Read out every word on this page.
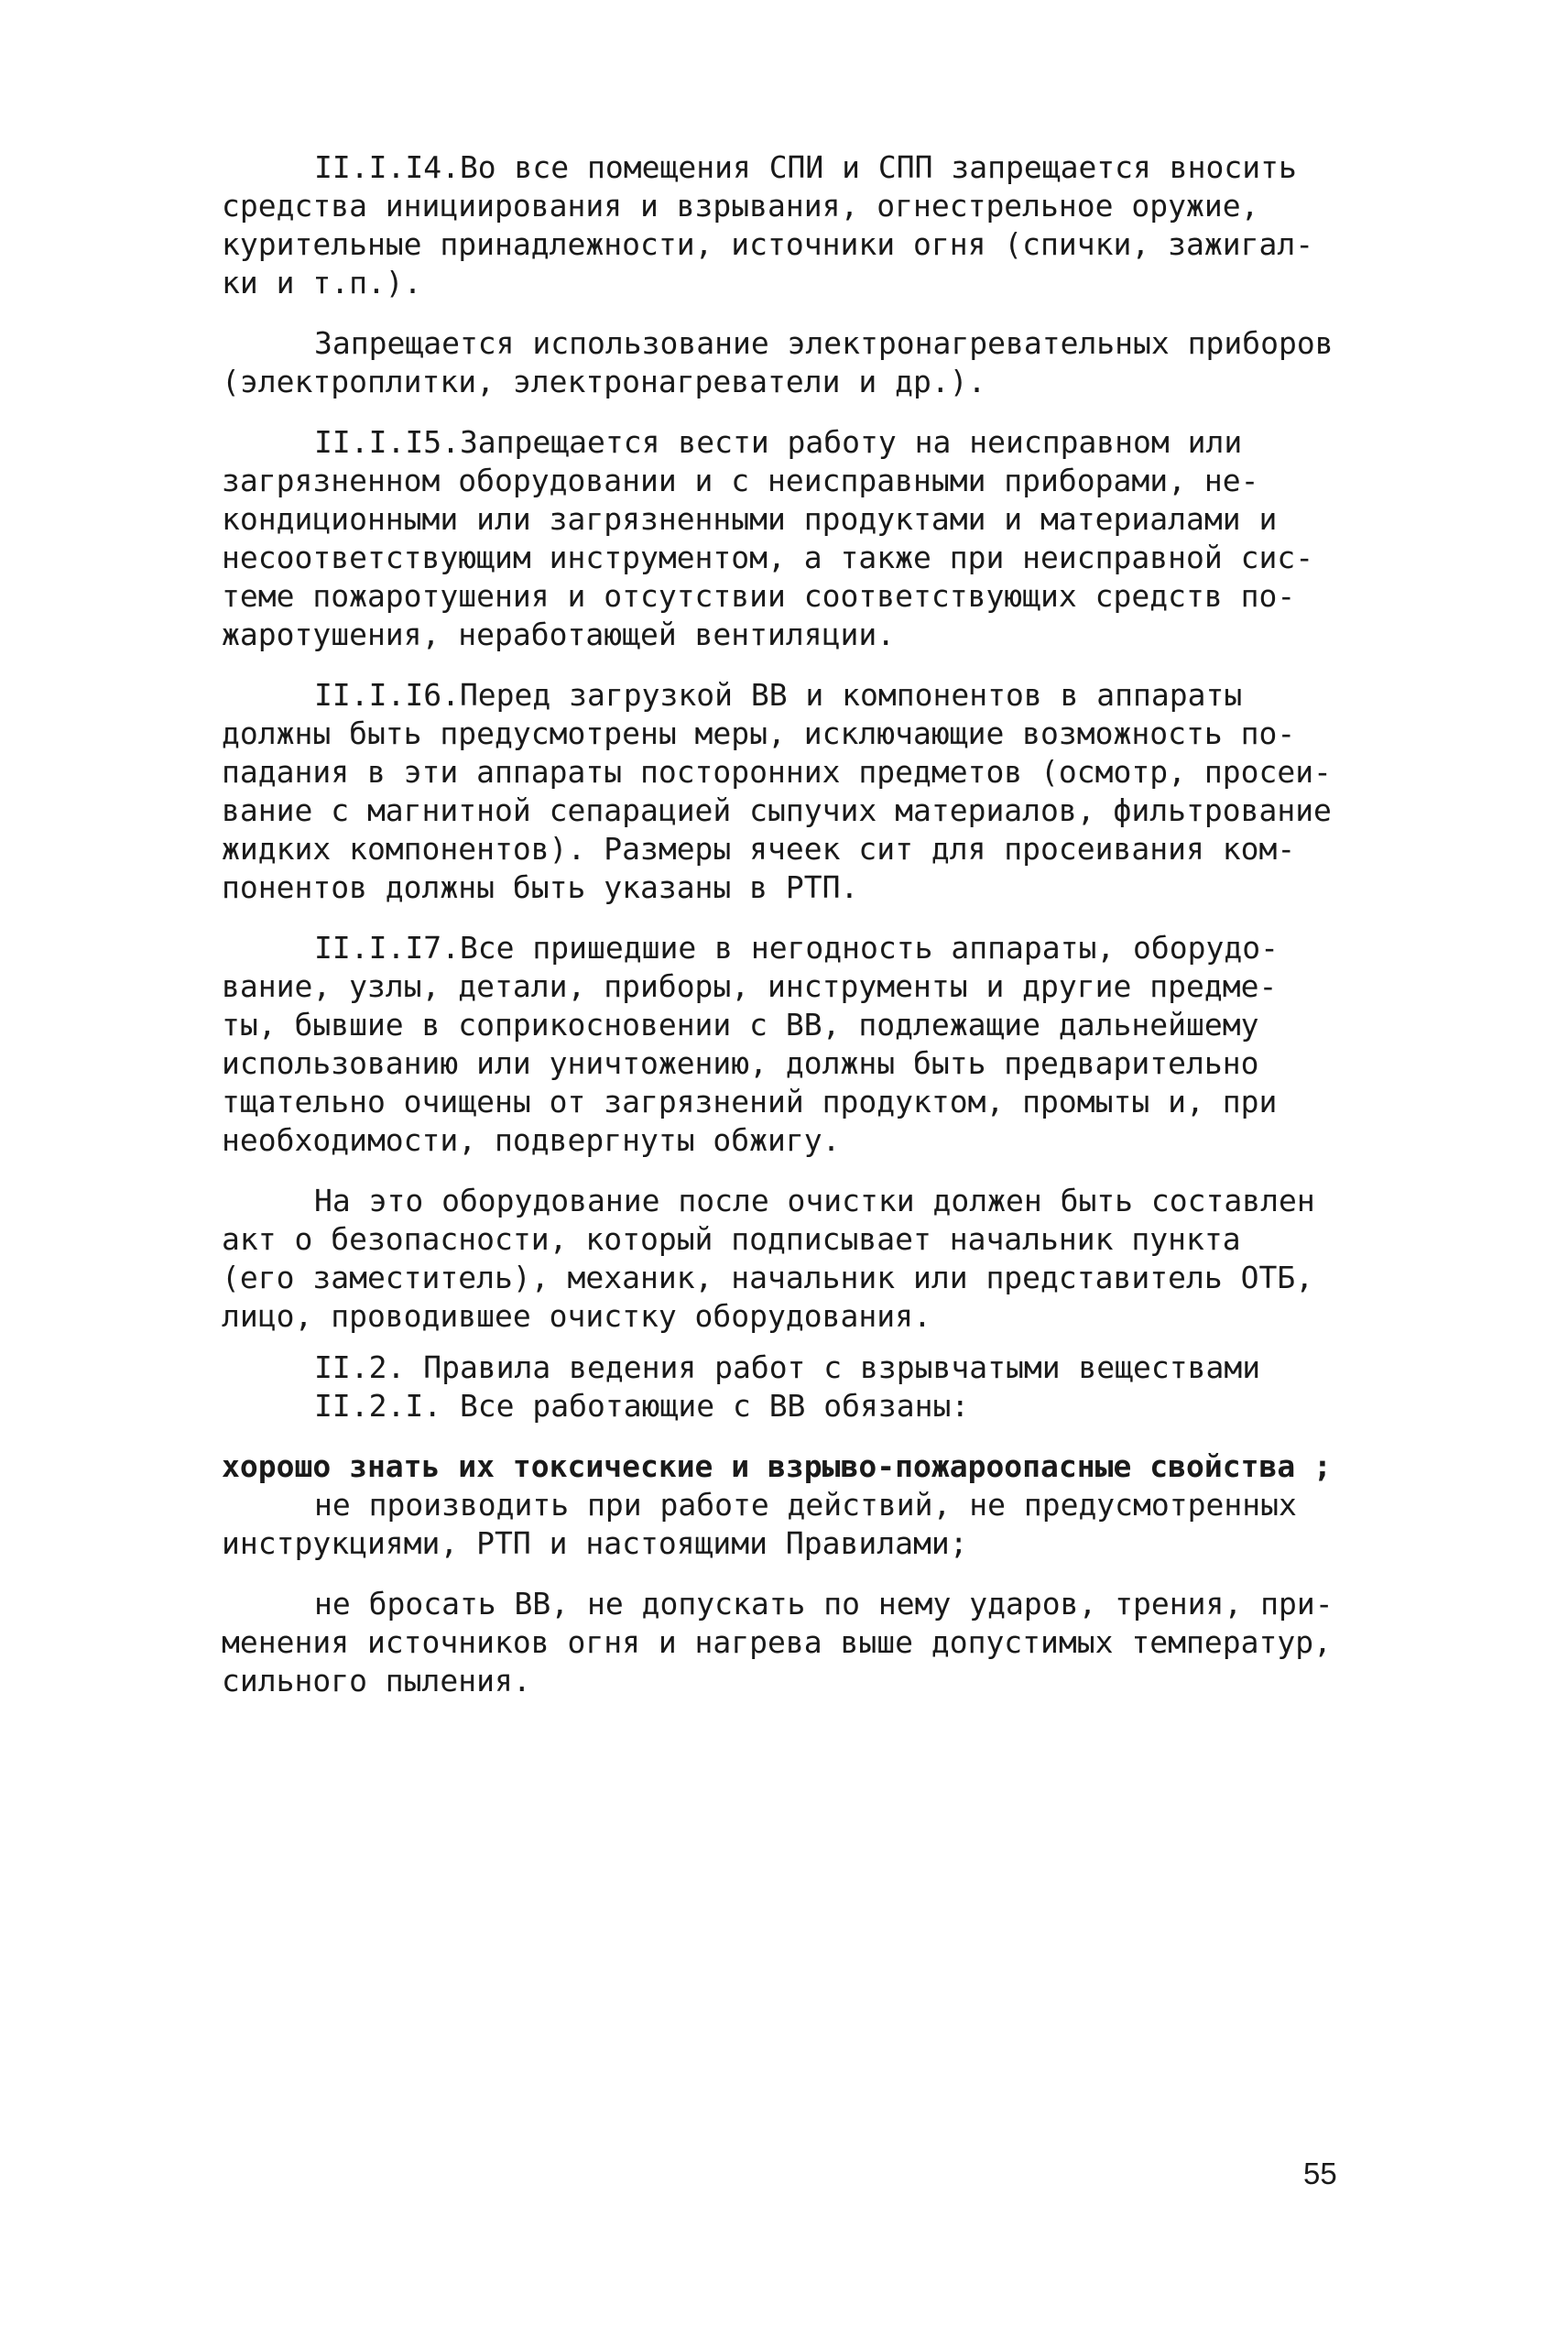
II.I.I4.Во все помещения СПИ и СПП запрещается вносить
средства инициирования и взрывания, огнестрельное оружие,
курительные принадлежности, источники огня (спички, зажигал-
ки и т.п.).
Запрещается использование электронагревательных приборов
(электроплитки, электронагреватели и др.).
II.I.I5.Запрещается вести работу на неисправном или
загрязненном оборудовании и с неисправными приборами, не-
кондиционными или загрязненными продуктами и материалами и
несоответствующим инструментом, а также при неисправной сис-
теме пожаротушения и отсутствии соответствующих средств по-
жаротушения, неработающей вентиляции.
II.I.I6.Перед загрузкой ВВ и компонентов в аппараты
должны быть предусмотрены меры, исключающие возможность по-
падания в эти аппараты посторонних предметов (осмотр, просеи-
вание с магнитной сепарацией сыпучих материалов, фильтрование
жидких компонентов). Размеры ячеек сит для просеивания ком-
понентов должны быть указаны в РТП.
II.I.I7.Все пришедшие в негодность аппараты, оборудо-
вание, узлы, детали, приборы, инструменты и другие предме-
ты, бывшие в соприкосновении с ВВ, подлежащие дальнейшему
использованию или уничтожению, должны быть предварительно
тщательно очищены от загрязнений продуктом, промыты и, при
необходимости, подвергнуты обжигу.
На это оборудование после очистки должен быть составлен
акт о безопасности, который подписывает начальник пункта
(его заместитель), механик, начальник или представитель ОТБ,
лицо, проводившее очистку оборудования.
II.2. Правила ведения работ с взрывчатыми веществами
II.2.I. Все работающие с ВВ обязаны:
хорошо знать их токсические и взрыво-пожароопасные свойства ;
не производить при работе действий, не предусмотренных
инструкциями, РТП и настоящими Правилами;
не бросать ВВ, не допускать по нему ударов, трения, при-
менения источников огня и нагрева выше допустимых температур,
сильного пыления.
55
